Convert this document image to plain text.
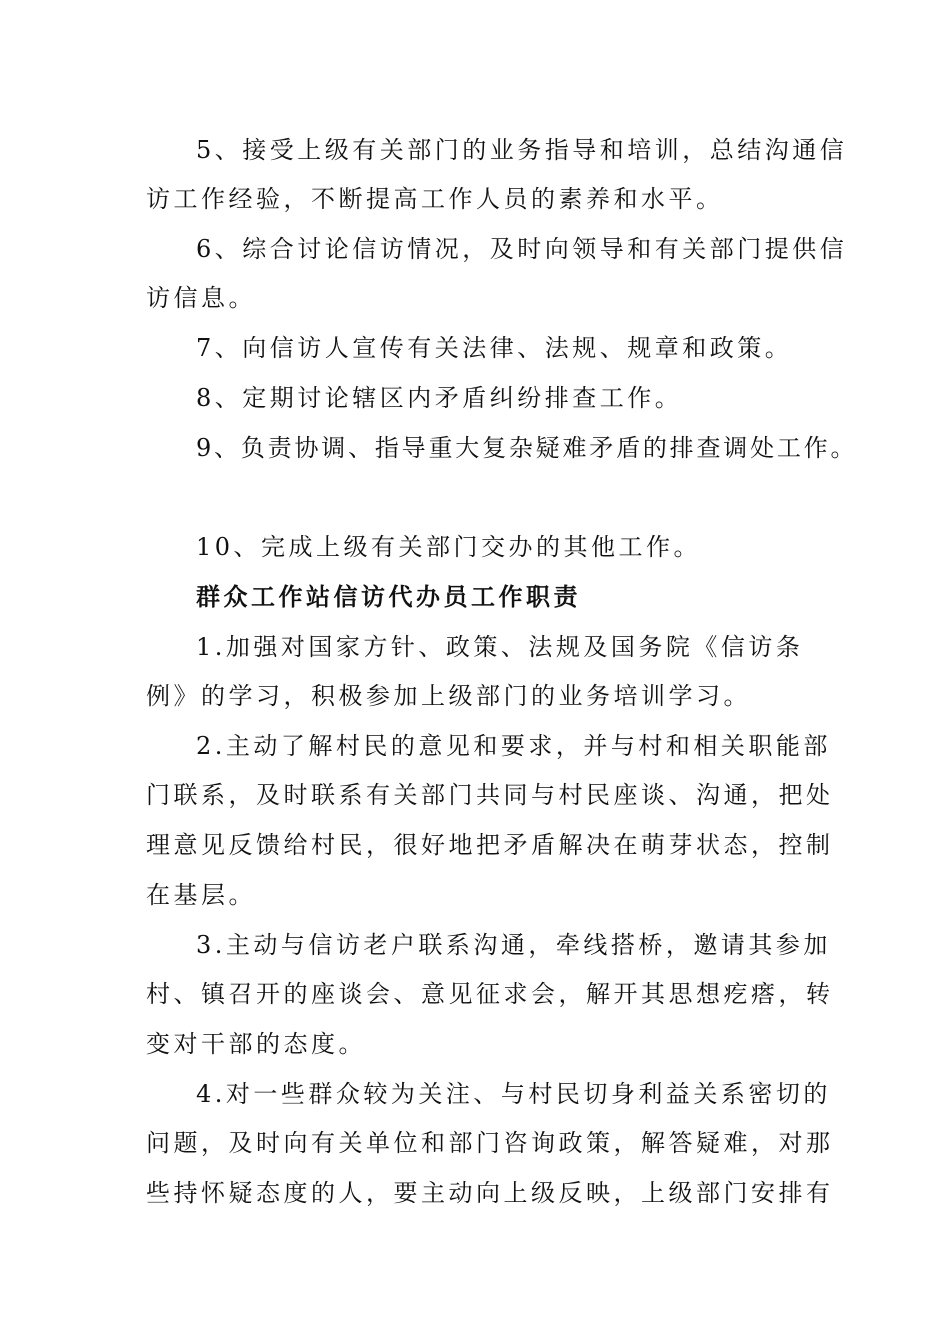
5、接受上级有关部门的业务指导和培训，总结沟通信
访工作经验，不断提高工作人员的素养和水平。
6、综合讨论信访情况，及时向领导和有关部门提供信
访信息。
7、向信访人宣传有关法律、法规、规章和政策。
8、定期讨论辖区内矛盾纠纷排查工作。
9、负责协调、指导重大复杂疑难矛盾的排查调处工作。
10、完成上级有关部门交办的其他工作。
群众工作站信访代办员工作职责
1.加强对国家方针、政策、法规及国务院《信访条
例》的学习，积极参加上级部门的业务培训学习。
2.主动了解村民的意见和要求，并与村和相关职能部
门联系，及时联系有关部门共同与村民座谈、沟通，把处
理意见反馈给村民，很好地把矛盾解决在萌芽状态，控制
在基层。
3.主动与信访老户联系沟通，牵线搭桥，邀请其参加
村、镇召开的座谈会、意见征求会，解开其思想疙瘩，转
变对干部的态度。
4.对一些群众较为关注、与村民切身利益关系密切的
问题，及时向有关单位和部门咨询政策，解答疑难，对那
些持怀疑态度的人，要主动向上级反映，上级部门安排有
